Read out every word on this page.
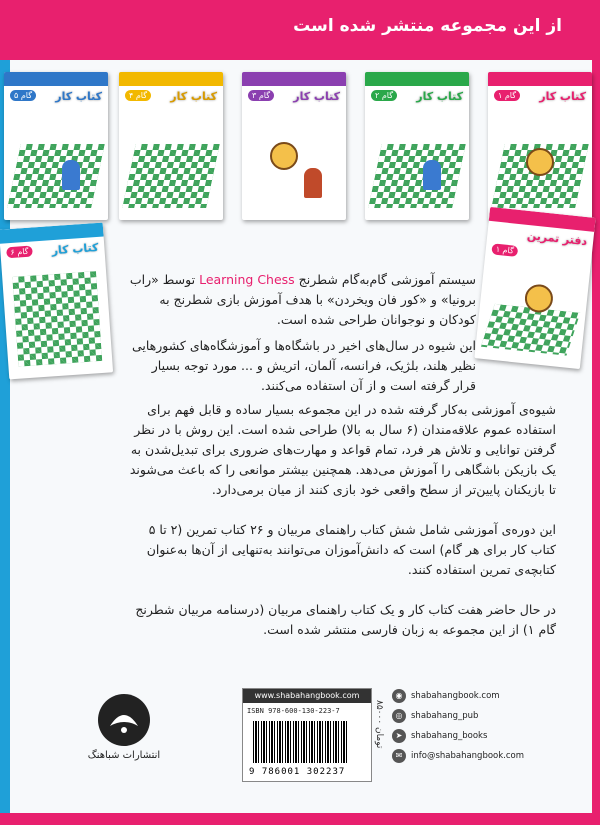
از این مجموعه منتشر شده است
کتاب کار
گام ۱
کتاب کار
گام ۲
کتاب کار
گام ۳
کتاب کار
گام ۴
کتاب کار
گام ۵
کتاب کار
گام ۶
دفتر تمرین
گام ۱
سیستم آموزشی گام‌به‌گام شطرنج Learning Chess توسط «راب برونیا» و «کور فان ویخردن» با هدف آموزش بازی شطرنج به کودکان و نوجوانان طراحی شده است.
این شیوه در سال‌های اخیر در باشگاه‌ها و آموزشگاه‌های کشورهایی نظیر هلند، بلژیک، فرانسه، آلمان، اتریش و ... مورد توجه بسیار قرار گرفته است و از آن استفاده می‌کنند.
شیوه‌ی آموزشی به‌کار گرفته شده در این مجموعه بسیار ساده و قابل فهم برای استفاده عموم علاقه‌مندان (۶ سال به بالا) طراحی شده است. این روش با در نظر گرفتن توانایی و تلاش هر فرد، تمام قواعد و مهارت‌های ضروری برای تبدیل‌شدن به یک بازیکن باشگاهی را آموزش می‌دهد. همچنین بیشتر موانعی را که باعث می‌شوند تا بازیکنان پایین‌تر از سطح واقعی خود بازی کنند از میان برمی‌دارد.
این دوره‌ی آموزشی شامل شش کتاب راهنمای مربیان و ۲۶ کتاب تمرین (۲ تا ۵ کتاب کار برای هر گام) است که دانش‌آموزان می‌توانند به‌تنهایی از آن‌ها به‌عنوان کتابچه‌ی تمرین استفاده کنند.
در حال حاضر هفت کتاب کار و یک کتاب راهنمای مربیان (درسنامه مربیان شطرنج گام ۱) از این مجموعه به زبان فارسی منتشر شده است.
◉	shabahangbook.com
◎	shabahang_pub
➤	shabahang_books
✉	info@shabahangbook.com
www.shabahangbook.com
ISBN 978-600-130-223-7
9 786001 302237
۸۵۰۰۰ تومان
انتشارات شباهنگ
